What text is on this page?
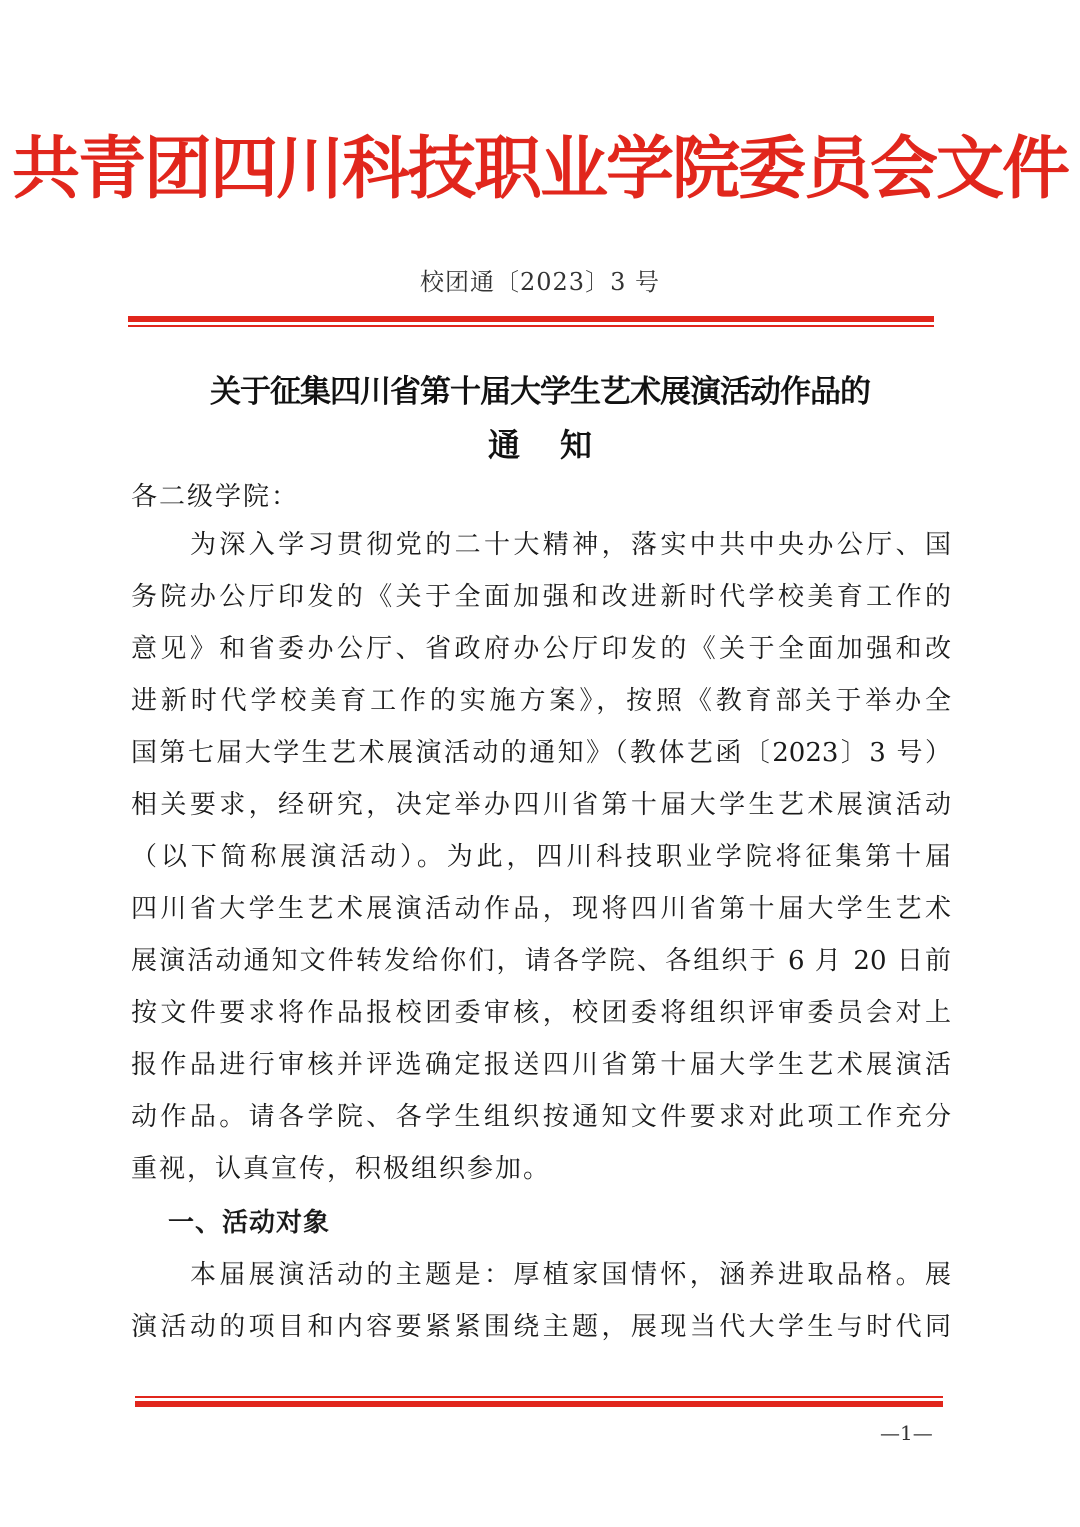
共青团四川科技职业学院委员会文件
校团通〔2023〕3 号
关于征集四川省第十届大学生艺术展演活动作品的
通 知
各二级学院：
为深入学习贯彻党的二十大精神，落实中共中央办公厅、国
务院办公厅印发的《关于全面加强和改进新时代学校美育工作的
意见》和省委办公厅、省政府办公厅印发的《关于全面加强和改
进新时代学校美育工作的实施方案》，按照《教育部关于举办全
国第七届大学生艺术展演活动的通知》（教体艺函〔2023〕3 号）
相关要求，经研究，决定举办四川省第十届大学生艺术展演活动
（以下简称展演活动）。为此，四川科技职业学院将征集第十届
四川省大学生艺术展演活动作品，现将四川省第十届大学生艺术
展演活动通知文件转发给你们，请各学院、各组织于 6 月 20 日前
按文件要求将作品报校团委审核，校团委将组织评审委员会对上
报作品进行审核并评选确定报送四川省第十届大学生艺术展演活
动作品。请各学院、各学生组织按通知文件要求对此项工作充分
重视，认真宣传，积极组织参加。
一、活动对象
本届展演活动的主题是：厚植家国情怀，涵养进取品格。展
演活动的项目和内容要紧紧围绕主题，展现当代大学生与时代同
—1—
